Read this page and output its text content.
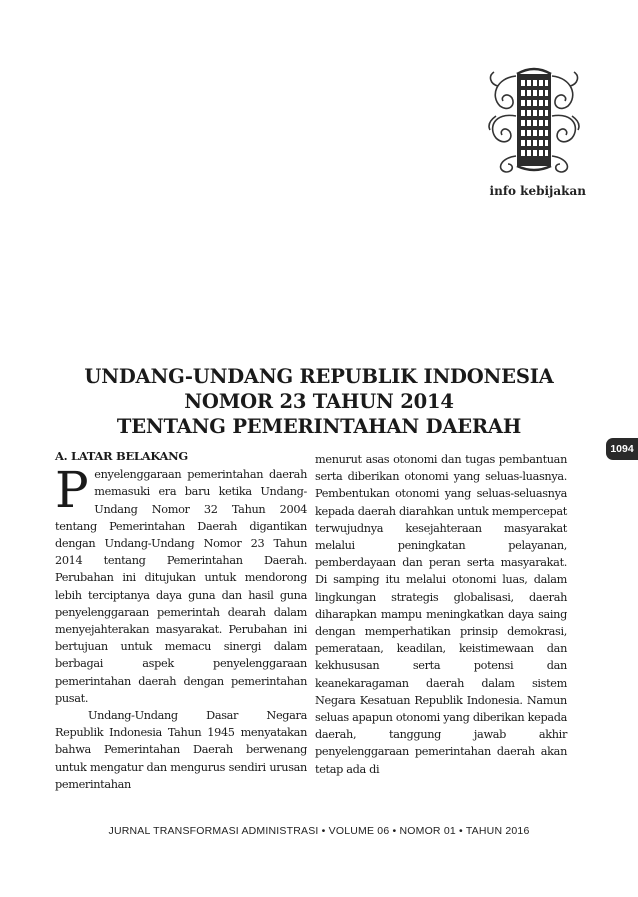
info kebijakan
UNDANG-UNDANG REPUBLIK INDONESIA
NOMOR 23 TAHUN 2014
TENTANG PEMERINTAHAN DAERAH
1094
A. LATAR BELAKANG

Penyelenggaraan pemerintahan daerah memasuki era baru ketika Undang-Undang Nomor 32 Tahun 2004 tentang Pemerintahan Daerah digantikan dengan Undang-Undang Nomor 23 Tahun 2014 tentang Pemerintahan Daerah. Perubahan ini ditujukan untuk mendorong lebih terciptanya daya guna dan hasil guna penyelenggaraan pemerintah dearah dalam menyejahterakan masyarakat. Perubahan ini bertujuan untuk memacu sinergi dalam berbagai aspek penyelenggaraan pemerintahan daerah dengan pemerintahan pusat.

Undang-Undang Dasar Negara Republik Indonesia Tahun 1945 menyatakan bahwa Pemerintahan Daerah berwenang untuk mengatur dan mengurus sendiri urusan pemerintahan

menurut asas otonomi dan tugas pembantuan serta diberikan otonomi yang seluas-luasnya. Pembentukan otonomi yang seluas-seluasnya kepada daerah diarahkan untuk mempercepat terwujudnya kesejahteraan masyarakat melalui peningkatan pelayanan, pemberdayaan dan peran serta masyarakat. Di samping itu melalui otonomi luas, dalam lingkungan strategis globalisasi, daerah diharapkan mampu meningkatkan daya saing dengan memperhatikan prinsip demokrasi, pemerataan, keadilan, keistimewaan dan kekhususan serta potensi dan keanekaragaman daerah dalam sistem Negara Kesatuan Republik Indonesia. Namun seluas apapun otonomi yang diberikan kepada daerah, tanggung jawab akhir penyelenggaraan pemerintahan daerah akan tetap ada di

JURNAL TRANSFORMASI ADMINISTRASI • VOLUME 06 • NOMOR 01 • TAHUN 2016
